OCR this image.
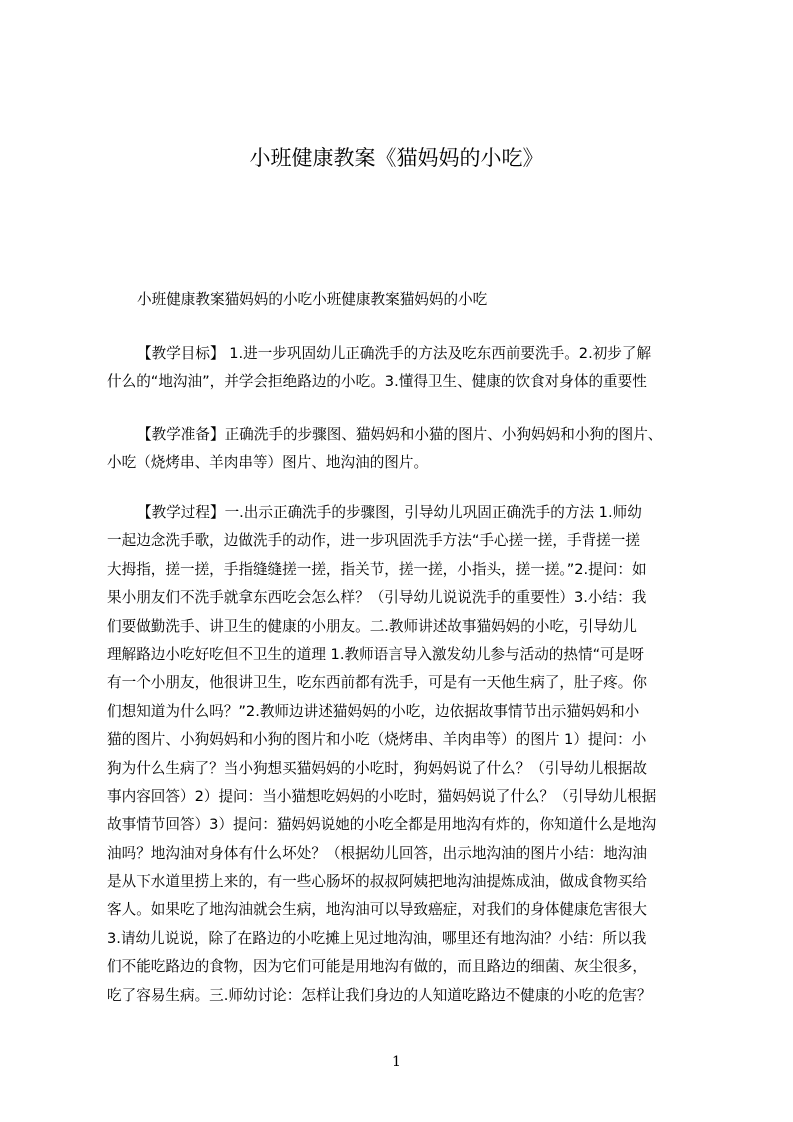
小班健康教案《猫妈妈的小吃》
小班健康教案猫妈妈的小吃小班健康教案猫妈妈的小吃
【教学目标】 1.进一步巩固幼儿正确洗手的方法及吃东西前要洗手。2.初步了解
什么的“地沟油”，并学会拒绝路边的小吃。3.懂得卫生、健康的饮食对身体的重要性
【教学准备】正确洗手的步骤图、猫妈妈和小猫的图片、小狗妈妈和小狗的图片、
小吃（烧烤串、羊肉串等）图片、地沟油的图片。
【教学过程】一.出示正确洗手的步骤图，引导幼儿巩固正确洗手的方法 1.师幼
一起边念洗手歌，边做洗手的动作，进一步巩固洗手方法“手心搓一搓，手背搓一搓
大拇指，搓一搓，手指缝缝搓一搓，指关节，搓一搓，小指头，搓一搓。”2.提问：如
果小朋友们不洗手就拿东西吃会怎么样？（引导幼儿说说洗手的重要性）3.小结：我
们要做勤洗手、讲卫生的健康的小朋友。二.教师讲述故事猫妈妈的小吃，引导幼儿
理解路边小吃好吃但不卫生的道理 1.教师语言导入激发幼儿参与活动的热情“可是呀
有一个小朋友，他很讲卫生，吃东西前都有洗手，可是有一天他生病了，肚子疼。你
们想知道为什么吗？”2.教师边讲述猫妈妈的小吃，边依据故事情节出示猫妈妈和小
猫的图片、小狗妈妈和小狗的图片和小吃（烧烤串、羊肉串等）的图片 1）提问：小
狗为什么生病了？当小狗想买猫妈妈的小吃时，狗妈妈说了什么？（引导幼儿根据故
事内容回答）2）提问：当小猫想吃妈妈的小吃时，猫妈妈说了什么？（引导幼儿根据
故事情节回答）3）提问：猫妈妈说她的小吃全都是用地沟有炸的，你知道什么是地沟
油吗？地沟油对身体有什么坏处？（根据幼儿回答，出示地沟油的图片小结：地沟油
是从下水道里捞上来的，有一些心肠坏的叔叔阿姨把地沟油提炼成油，做成食物买给
客人。如果吃了地沟油就会生病，地沟油可以导致癌症，对我们的身体健康危害很大
3.请幼儿说说，除了在路边的小吃摊上见过地沟油，哪里还有地沟油？小结：所以我
们不能吃路边的食物，因为它们可能是用地沟有做的，而且路边的细菌、灰尘很多，
吃了容易生病。三.师幼讨论：怎样让我们身边的人知道吃路边不健康的小吃的危害？
1
